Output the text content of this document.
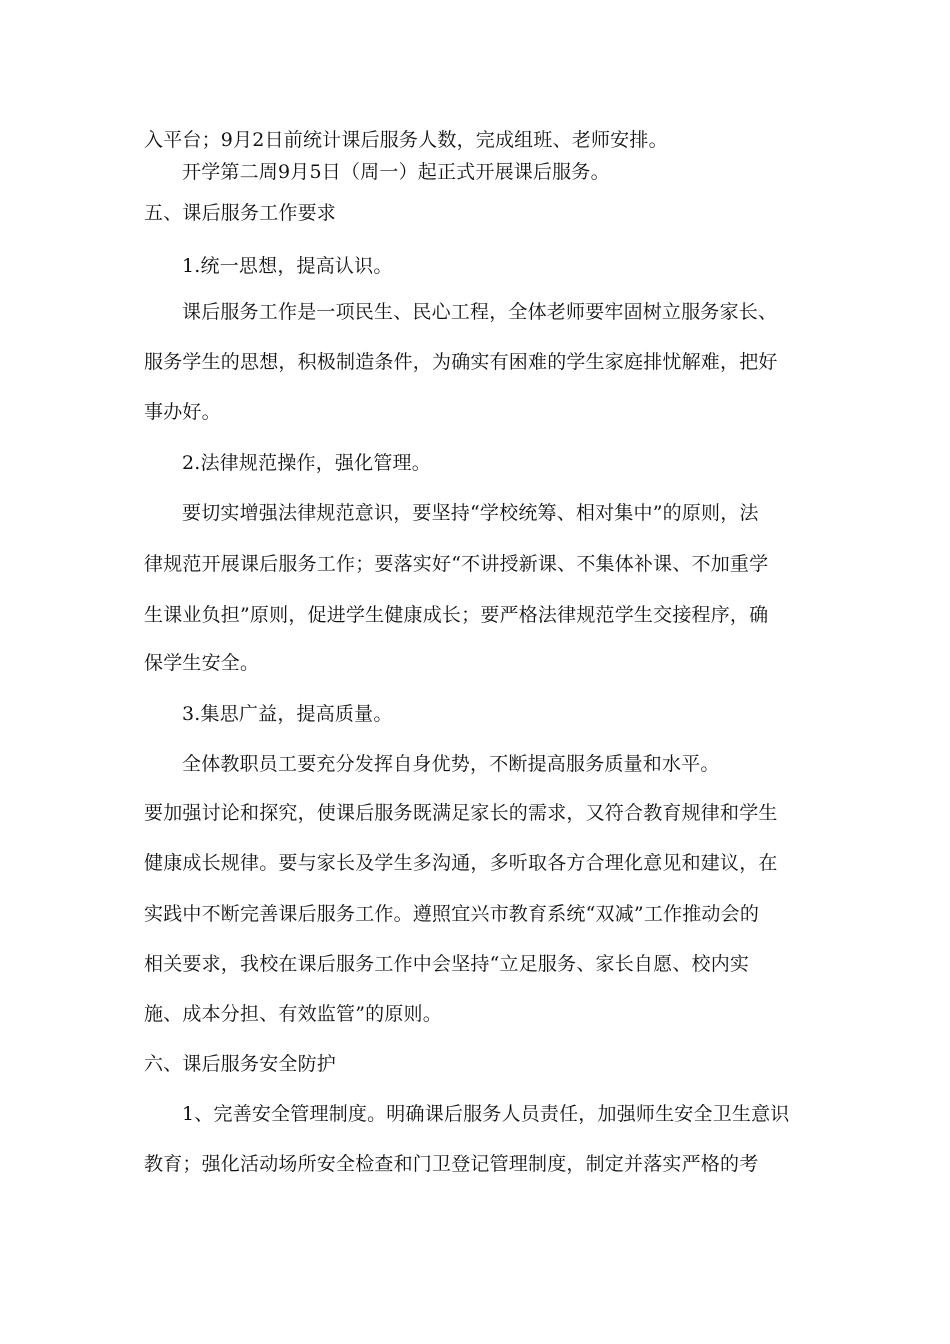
入平台；9月2日前统计课后服务人数，完成组班、老师安排。
开学第二周9月5日（周一）起正式开展课后服务。
五、课后服务工作要求
1.统一思想，提高认识。
课后服务工作是一项民生、民心工程，全体老师要牢固树立服务家长、
服务学生的思想，积极制造条件，为确实有困难的学生家庭排忧解难，把好
事办好。
2.法律规范操作，强化管理。
要切实增强法律规范意识，要坚持“学校统筹、相对集中”的原则，法
律规范开展课后服务工作；要落实好“不讲授新课、不集体补课、不加重学
生课业负担”原则，促进学生健康成长；要严格法律规范学生交接程序，确
保学生安全。
3.集思广益，提高质量。
全体教职员工要充分发挥自身优势，不断提高服务质量和水平。
要加强讨论和探究，使课后服务既满足家长的需求，又符合教育规律和学生
健康成长规律。要与家长及学生多沟通，多听取各方合理化意见和建议，在
实践中不断完善课后服务工作。遵照宜兴市教育系统“双减”工作推动会的
相关要求，我校在课后服务工作中会坚持“立足服务、家长自愿、校内实
施、成本分担、有效监管”的原则。
六、课后服务安全防护
1、完善安全管理制度。明确课后服务人员责任，加强师生安全卫生意识
教育；强化活动场所安全检查和门卫登记管理制度，制定并落实严格的考
